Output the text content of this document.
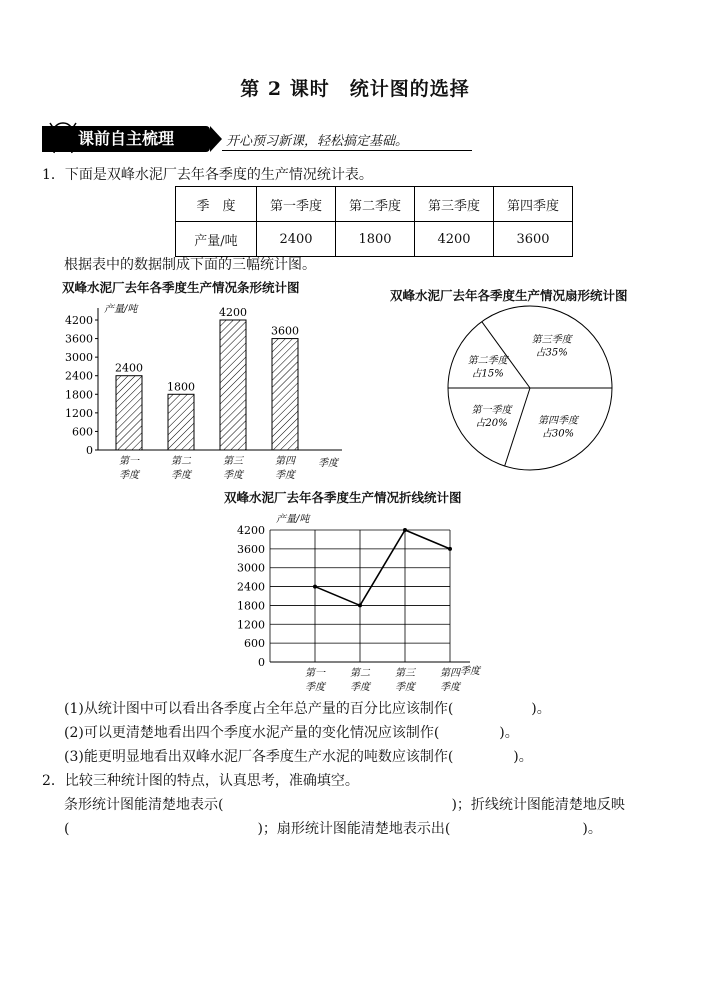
第 2 课时　统计图的选择
课前自主梳理	开心预习新课，轻松搞定基础。
1．下面是双峰水泥厂去年各季度的生产情况统计表。
季　度	第一季度	第二季度	第三季度	第四季度
产量/吨	2400	1800	4200	3600
根据表中的数据制成下面的三幅统计图。
双峰水泥厂去年各季度生产情况条形统计图
产量/吨
季度
0
600
1200
1800
2400
3000
3600
4200
2400
第一
季度
1800
第二
季度
4200
第三
季度
3600
第四
季度
双峰水泥厂去年各季度生产情况扇形统计图
第一季度
占20%
第二季度
占15%
第三季度
占35%
第四季度
占30%
双峰水泥厂去年各季度生产情况折线统计图
0
600
1200
1800
2400
3000
3600
4200
产量/吨
季度
第一
季度
第二
季度
第三
季度
第四
季度
(1)从统计图中可以看出各季度占全年总产量的百分比应该制作(	)。
(2)可以更清楚地看出四个季度水泥产量的变化情况应该制作(	)。
(3)能更明显地看出双峰水泥厂各季度生产水泥的吨数应该制作(	)。
2．比较三种统计图的特点，认真思考，准确填空。
条形统计图能清楚地表示(	)；折线统计图能清楚地反映
(	)；扇形统计图能清楚地表示出(	)。
